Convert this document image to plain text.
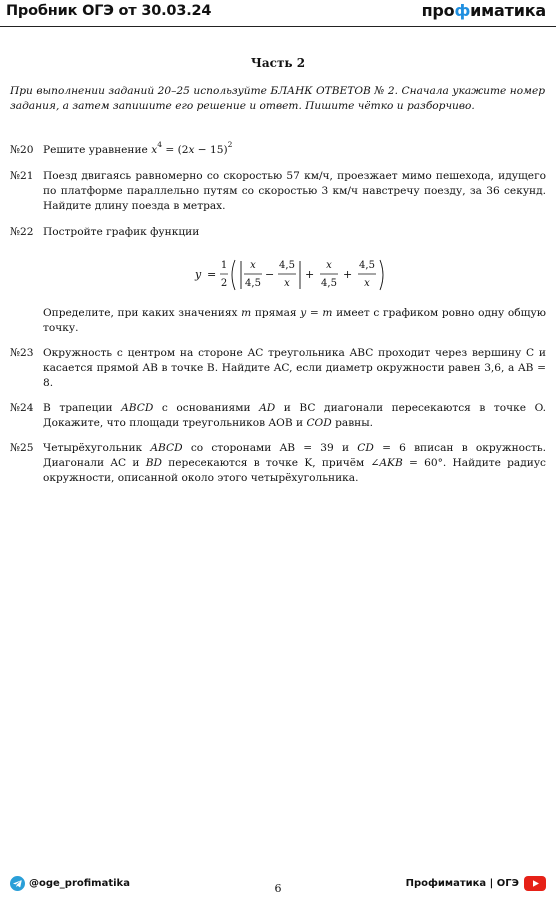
Пробник ОГЭ от 30.03.24	профиматика
Часть 2
При выполнении заданий 20–25 используйте БЛАНК ОТВЕТОВ № 2. Сначала укажите номер задания, а затем запишите его решение и ответ. Пишите чётко и разборчиво.
№20 Решите уравнение $x^4 = (2x - 15)^2$
№21 Поезд двигаясь равномерно со скоростью 57 км/ч, проезжает мимо пешехода, идущего по платформе параллельно путям со скоростью 3 км/ч навстречу поезду, за 36 секунд. Найдите длину поезда в метрах.
№22 Постройте график функции
y =
1
2
x
4,5
−
4,5
x
+
x
4,5
+
4,5
x
Определите, при каких значениях m прямая y = m имеет с графиком ровно одну общую точку.
№23 Окружность с центром на стороне AC треугольника ABC проходит через вершину C и касается прямой AB в точке B. Найдите AC, если диаметр окружности равен 3,6, а AB = 8.
№24 В трапеции ABCD с основаниями AD и BC диагонали пересекаются в точке O. Докажите, что площади треугольников AOB и COD равны.
№25 Четырёхугольник ABCD со сторонами AB = 39 и CD = 6 вписан в окружность. Диагонали AC и BD пересекаются в точке K, причём ∠AKB = 60°. Найдите радиус окружности, описанной около этого четырёхугольника.
@oge_profimatika	6	Профиматика | ОГЭ
